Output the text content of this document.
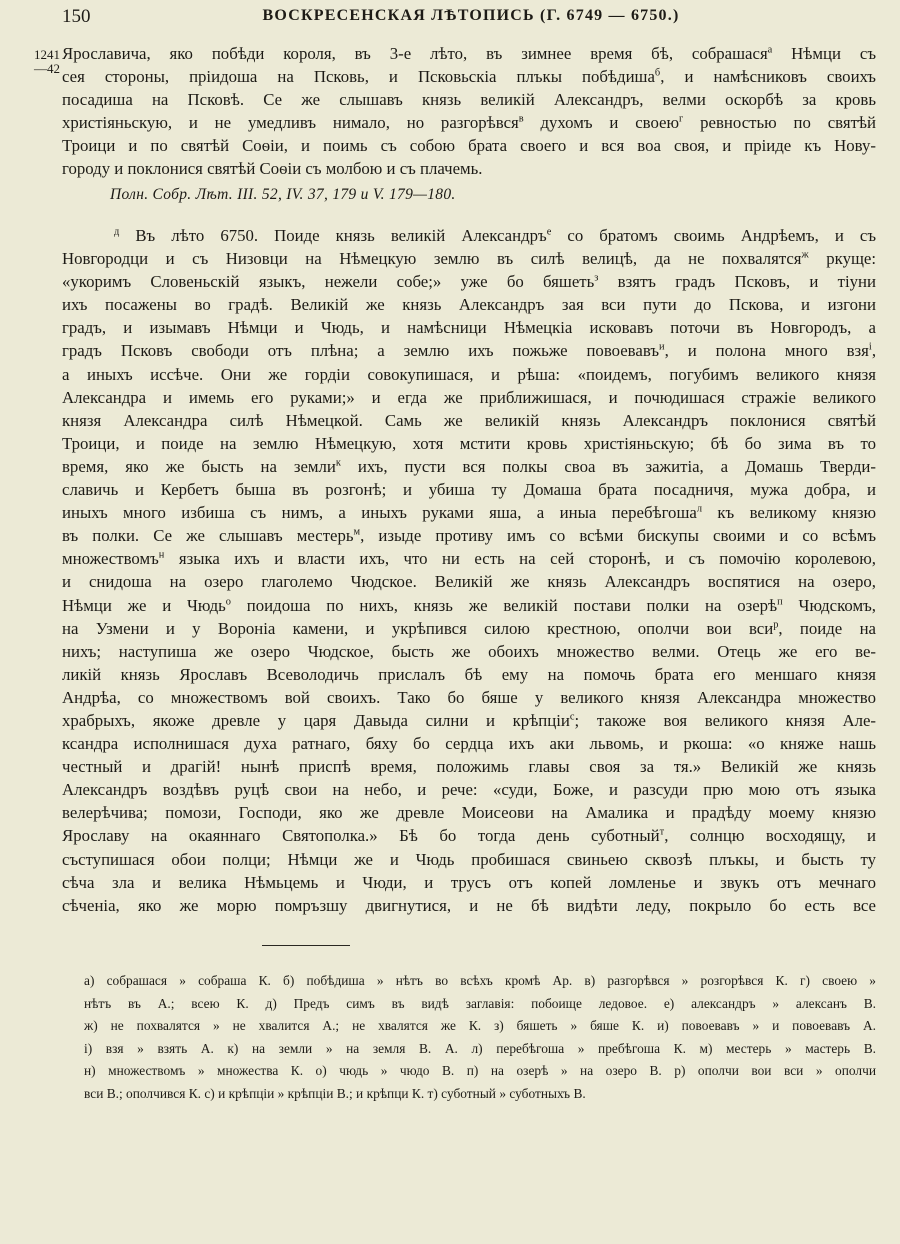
150	ВОСКРЕСЕНСКАЯ ЛѢТОПИСЬ (Г. 6749 — 6750.)
1241 —42
Ярославича, яко побѣди короля, въ 3-е лѣто, въ зимнее время бѣ, собрашася$^а$ Нѣмци съ
сея стороны, пріидоша на Псковь, и Псковьскіа плъкы побѣдиша$^б$, и намѣсниковъ своихъ
посадиша на Псковѣ. Се же слышавъ князь великій Александръ, велми оскорбѣ за кровь
христіяньскую, и не умедливъ нимало, но разгорѣвся$^в$ духомъ и своею$^г$ ревностью по святѣй
Троици и по святѣй Соѳіи, и поимь съ собою брата своего и вся воа своя, и пріиде къ Нову-
городу и поклонися святѣй Соѳіи съ молбою и съ плачемь.
Полн. Собр. Лѣт. III. 52, IV. 37, 179 и V. 179—180.
$^д$ Въ лѣто 6750. Поиде князь великій Александръ$^е$ со братомъ своимь Андрѣемъ, и съ
Новгородци и съ Низовци на Нѣмецкую землю въ силѣ велицѣ, да не похвалятся$^ж$ ркуще:
«укоримъ Словеньскій языкъ, нежели собе;» уже бо бяшеть$^з$ взятъ градъ Псковъ, и тіуни
ихъ посажены во градѣ. Великій же князь Александръ зая вси пути до Пскова, и изгони
градъ, и изымавъ Нѣмци и Чюдь, и намѣсници Нѣмецкіа исковавъ поточи въ Новгородъ, а
градъ Псковъ свободи отъ плѣна; а землю ихъ пожьже повоевавъ$^и$, и полона много взя$^і$,
а иныхъ иссѣче. Они же гордіи совокупишася, и рѣша: «поидемъ, погубимъ великого князя
Александра и имемь его руками;» и егда же приближишася, и почюдишася стражіе великого
князя Александра силѣ Нѣмецкой. Самь же великій князь Александръ поклонися святѣй
Троици, и поиде на землю Нѣмецкую, хотя мстити кровь христіяньскую; бѣ бо зима въ то
время, яко же бысть на земли$^к$ ихъ, пусти вся полкы своа въ зажитіа, а Домашь Тверди-
славичь и Кербетъ быша въ розгонѣ; и убиша ту Домаша брата посадничя, мужа добра, и
иныхъ много избиша съ нимъ, а иныхъ руками яша, а иныа перебѣгоша$^л$ къ великому князю
въ полки. Се же слышавъ местерь$^м$, изыде противу имъ со всѣми бискупы своими и со всѣмъ
множествомъ$^н$ языка ихъ и власти ихъ, что ни есть на сей сторонѣ, и съ помочію королевою,
и снидоша на озеро глаголемо Чюдское. Великій же князь Александръ воспятися на озеро,
Нѣмци же и Чюдь$^о$ поидоша по нихъ, князь же великій постави полки на озерѣ$^п$ Чюдскомъ,
на Узмени и у Вороніа камени, и укрѣпився силою крестною, ополчи вои вси$^р$, поиде на
нихъ; наступиша же озеро Чюдское, бысть же обоихъ множество велми. Отець же его ве-
ликій князь Ярославъ Всеволодичь прислалъ бѣ ему на помочь брата его меншаго князя
Андрѣа, со множествомъ вой своихъ. Тако бо бяше у великого князя Александра множество
храбрыхъ, якоже древле у царя Давыда силни и крѣпціи$^с$; такоже воя великого князя Але-
ксандра исполнишася духа ратнаго, бяху бо сердца ихъ аки львомь, и ркоша: «о княже нашь
честный и драгій! нынѣ приспѣ время, положимь главы своя за тя.» Великій же князь
Александръ воздѣвъ руцѣ свои на небо, и рече: «суди, Боже, и разсуди прю мою отъ языка
велерѣчива; помози, Господи, яко же древле Моисеови на Амалика и прадѣду моему князю
Ярославу на окаяннаго Святополка.» Бѣ бо тогда день суботный$^т$, солнцю восходящу, и
съступишася обои полци; Нѣмци же и Чюдь пробишася свиньею сквозѣ плъкы, и бысть ту
сѣча зла и велика Нѣмьцемь и Чюди, и трусъ отъ копей ломленье и звукъ отъ мечнаго
сѣченіа, яко же морю помръзшу двигнутися, и не бѣ видѣти леду, покрыло бо есть все
а) собрашася » собраша К. б) побѣдиша » нѣтъ во всѣхъ кромѣ Ар. в) разгорѣвся » розгорѣвся К. г) своею »
нѣтъ въ А.; всею К. д) Предъ симъ въ видѣ заглавія: побоище ледовое. е) александръ » алексанъ В.
ж) не похвалятся » не хвалится А.; не хвалятся же К. з) бяшеть » бяше К. и) повоевавъ » и повоевавъ А.
і) взя » взять А. к) на земли » на земля В. А. л) перебѣгоша » пребѣгоша К. м) местерь » мастерь В.
н) множествомъ » множества К. о) чюдь » чюдо В. п) на озерѣ » на озеро В. р) ополчи вои вси » ополчи
вси В.; ополчився К. с) и крѣпціи » крѣпціи В.; и крѣпци К. т) суботный » суботныхъ В.
